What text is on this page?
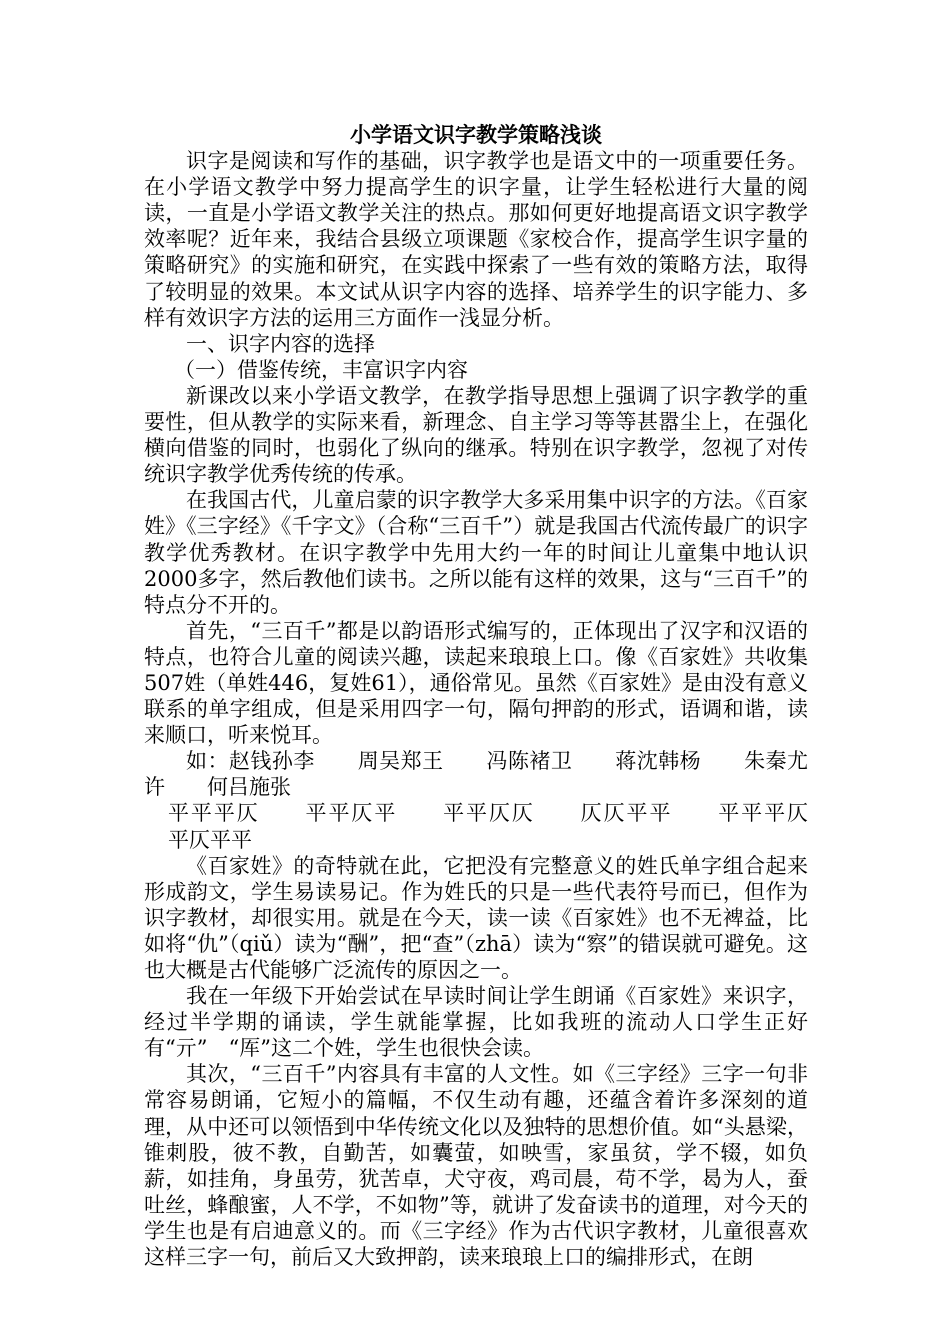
小学语文识字教学策略浅谈

识字是阅读和写作的基础，识字教学也是语文中的一项重要任务。在小学语文教学中努力提高学生的识字量，让学生轻松进行大量的阅读，一直是小学语文教学关注的热点。那如何更好地提高语文识字教学效率呢？近年来，我结合县级立项课题《家校合作，提高学生识字量的策略研究》的实施和研究，在实践中探索了一些有效的策略方法，取得了较明显的效果。本文试从识字内容的选择、培养学生的识字能力、多样有效识字方法的运用三方面作一浅显分析。

一、识字内容的选择

（一）借鉴传统，丰富识字内容

新课改以来小学语文教学，在教学指导思想上强调了识字教学的重要性，但从教学的实际来看，新理念、自主学习等等甚嚣尘上，在强化横向借鉴的同时，也弱化了纵向的继承。特别在识字教学，忽视了对传统识字教学优秀传统的传承。

在我国古代，儿童启蒙的识字教学大多采用集中识字的方法。《百家姓》《三字经》《千字文》（合称“三百千”）就是我国古代流传最广的识字教学优秀教材。在识字教学中先用大约一年的时间让儿童集中地认识2000多字，然后教他们读书。之所以能有这样的效果，这与“三百千”的特点分不开的。

首先，“三百千”都是以韵语形式编写的，正体现出了汉字和汉语的特点，也符合儿童的阅读兴趣，读起来琅琅上口。像《百家姓》共收集507姓（单姓446，复姓61），通俗常见。虽然《百家姓》是由没有意义联系的单字组成，但是采用四字一句，隔句押韵的形式，语调和谐，读来顺口，听来悦耳。

如：赵钱孙李　　周吴郑王　　冯陈褚卫　　蒋沈韩杨　　朱秦尤许　　何吕施张

平平平仄　　平平仄平　　平平仄仄　　仄仄平平　　平平平仄　　平仄平平

《百家姓》的奇特就在此，它把没有完整意义的姓氏单字组合起来形成韵文，学生易读易记。作为姓氏的只是一些代表符号而已，但作为识字教材，却很实用。就是在今天，读一读《百家姓》也不无裨益，比如将“仇”（qiǔ）读为“酬”，把“查”（zhā）读为“察”的错误就可避免。这也大概是古代能够广泛流传的原因之一。

我在一年级下开始尝试在早读时间让学生朗诵《百家姓》来识字，经过半学期的诵读，学生就能掌握，比如我班的流动人口学生正好有“亓”　“厍”这二个姓，学生也很快会读。

其次，“三百千”内容具有丰富的人文性。如《三字经》三字一句非常容易朗诵，它短小的篇幅，不仅生动有趣，还蕴含着许多深刻的道理，从中还可以领悟到中华传统文化以及独特的思想价值。如“头悬梁，锥刺股，彼不教，自勤苦，如囊萤，如映雪，家虽贫，学不辍，如负薪，如挂角，身虽劳，犹苦卓，犬守夜，鸡司晨，苟不学，曷为人，蚕吐丝，蜂酿蜜，人不学，不如物”等，就讲了发奋读书的道理，对今天的学生也是有启迪意义的。而《三字经》作为古代识字教材，儿童很喜欢这样三字一句，前后又大致押韵，读来琅琅上口的编排形式，在朗
